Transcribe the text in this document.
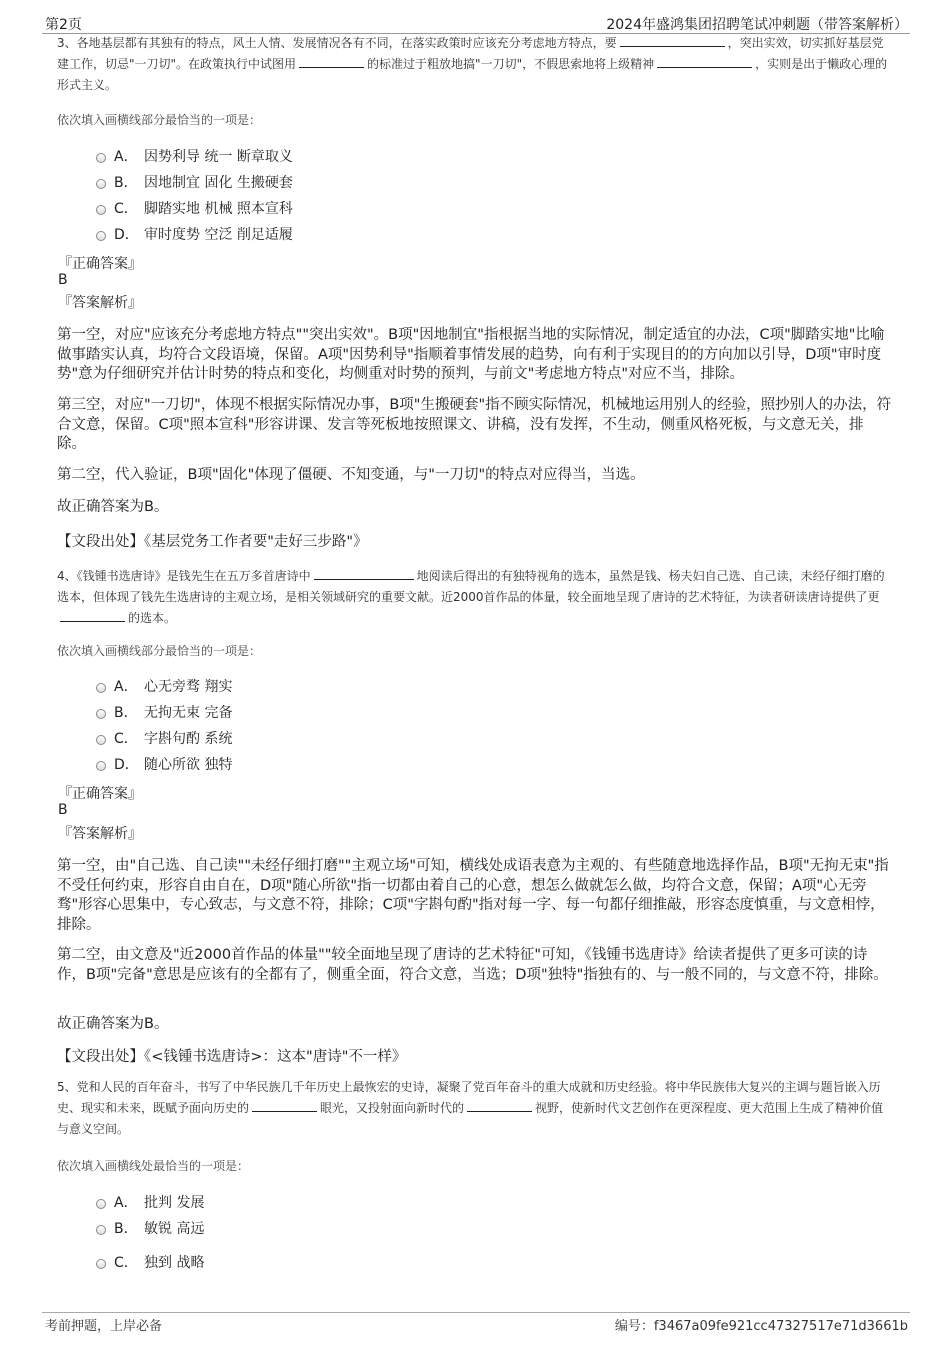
第2页	2024年盛鸿集团招聘笔试冲刺题（带答案解析）
3、各地基层都有其独有的特点，风土人情、发展情况各有不同，在落实政策时应该充分考虑地方特点，要	，突出实效，切实抓好基层党建工作，切忌"一刀切"。在政策执行中试图用	的标准过于粗放地搞"一刀切"，不假思索地将上级精神	，实则是出于懒政心理的形式主义。
依次填入画横线部分最恰当的一项是：
A． 因势利导 统一 断章取义
B． 因地制宜 固化 生搬硬套
C． 脚踏实地 机械 照本宣科
D． 审时度势 空泛 削足适履
『正确答案』
B
『答案解析』
第一空，对应"应该充分考虑地方特点""突出实效"。B项"因地制宜"指根据当地的实际情况，制定适宜的办法，C项"脚踏实地"比喻做事踏实认真，均符合文段语境，保留。A项"因势利导"指顺着事情发展的趋势，向有利于实现目的的方向加以引导，D项"审时度势"意为仔细研究并估计时势的特点和变化，均侧重对时势的预判，与前文"考虑地方特点"对应不当，排除。
第三空，对应"一刀切"，体现不根据实际情况办事，B项"生搬硬套"指不顾实际情况，机械地运用别人的经验，照抄别人的办法，符合文意，保留。C项"照本宣科"形容讲课、发言等死板地按照课文、讲稿，没有发挥，不生动，侧重风格死板，与文意无关，排除。
第二空，代入验证，B项"固化"体现了僵硬、不知变通，与"一刀切"的特点对应得当，当选。
故正确答案为B。
【文段出处】《基层党务工作者要"走好三步路"》
4、《钱锺书选唐诗》是钱先生在五万多首唐诗中	地阅读后得出的有独特视角的选本，虽然是钱、杨夫妇自己选、自己读，未经仔细打磨的选本，但体现了钱先生选唐诗的主观立场，是相关领域研究的重要文献。近2000首作品的体量，较全面地呈现了唐诗的艺术特征，为读者研读唐诗提供了更的选本。
依次填入画横线部分最恰当的一项是：
A． 心无旁骛 翔实
B． 无拘无束 完备
C． 字斟句酌 系统
D． 随心所欲 独特
『正确答案』
B
『答案解析』
第一空，由"自己选、自己读""未经仔细打磨""主观立场"可知，横线处成语表意为主观的、有些随意地选择作品，B项"无拘无束"指不受任何约束，形容自由自在，D项"随心所欲"指一切都由着自己的心意，想怎么做就怎么做，均符合文意，保留；A项"心无旁骛"形容心思集中，专心致志，与文意不符，排除；C项"字斟句酌"指对每一字、每一句都仔细推敲，形容态度慎重，与文意相悖，排除。
第二空，由文意及"近2000首作品的体量""较全面地呈现了唐诗的艺术特征"可知，《钱锺书选唐诗》给读者提供了更多可读的诗作，B项"完备"意思是应该有的全都有了，侧重全面，符合文意，当选；D项"独特"指独有的、与一般不同的，与文意不符，排除。
故正确答案为B。
【文段出处】《<钱锺书选唐诗>：这本"唐诗"不一样》
5、党和人民的百年奋斗，书写了中华民族几千年历史上最恢宏的史诗，凝聚了党百年奋斗的重大成就和历史经验。将中华民族伟大复兴的主调与题旨嵌入历史、现实和未来，既赋予面向历史的	眼光，又投射面向新时代的	视野，使新时代文艺创作在更深程度、更大范围上生成了精神价值与意义空间。
依次填入画横线处最恰当的一项是：
A． 批判 发展
B． 敏锐 高远
C． 独到 战略
考前押题，上岸必备	编号：f3467a09fe921cc47327517e71d3661b
